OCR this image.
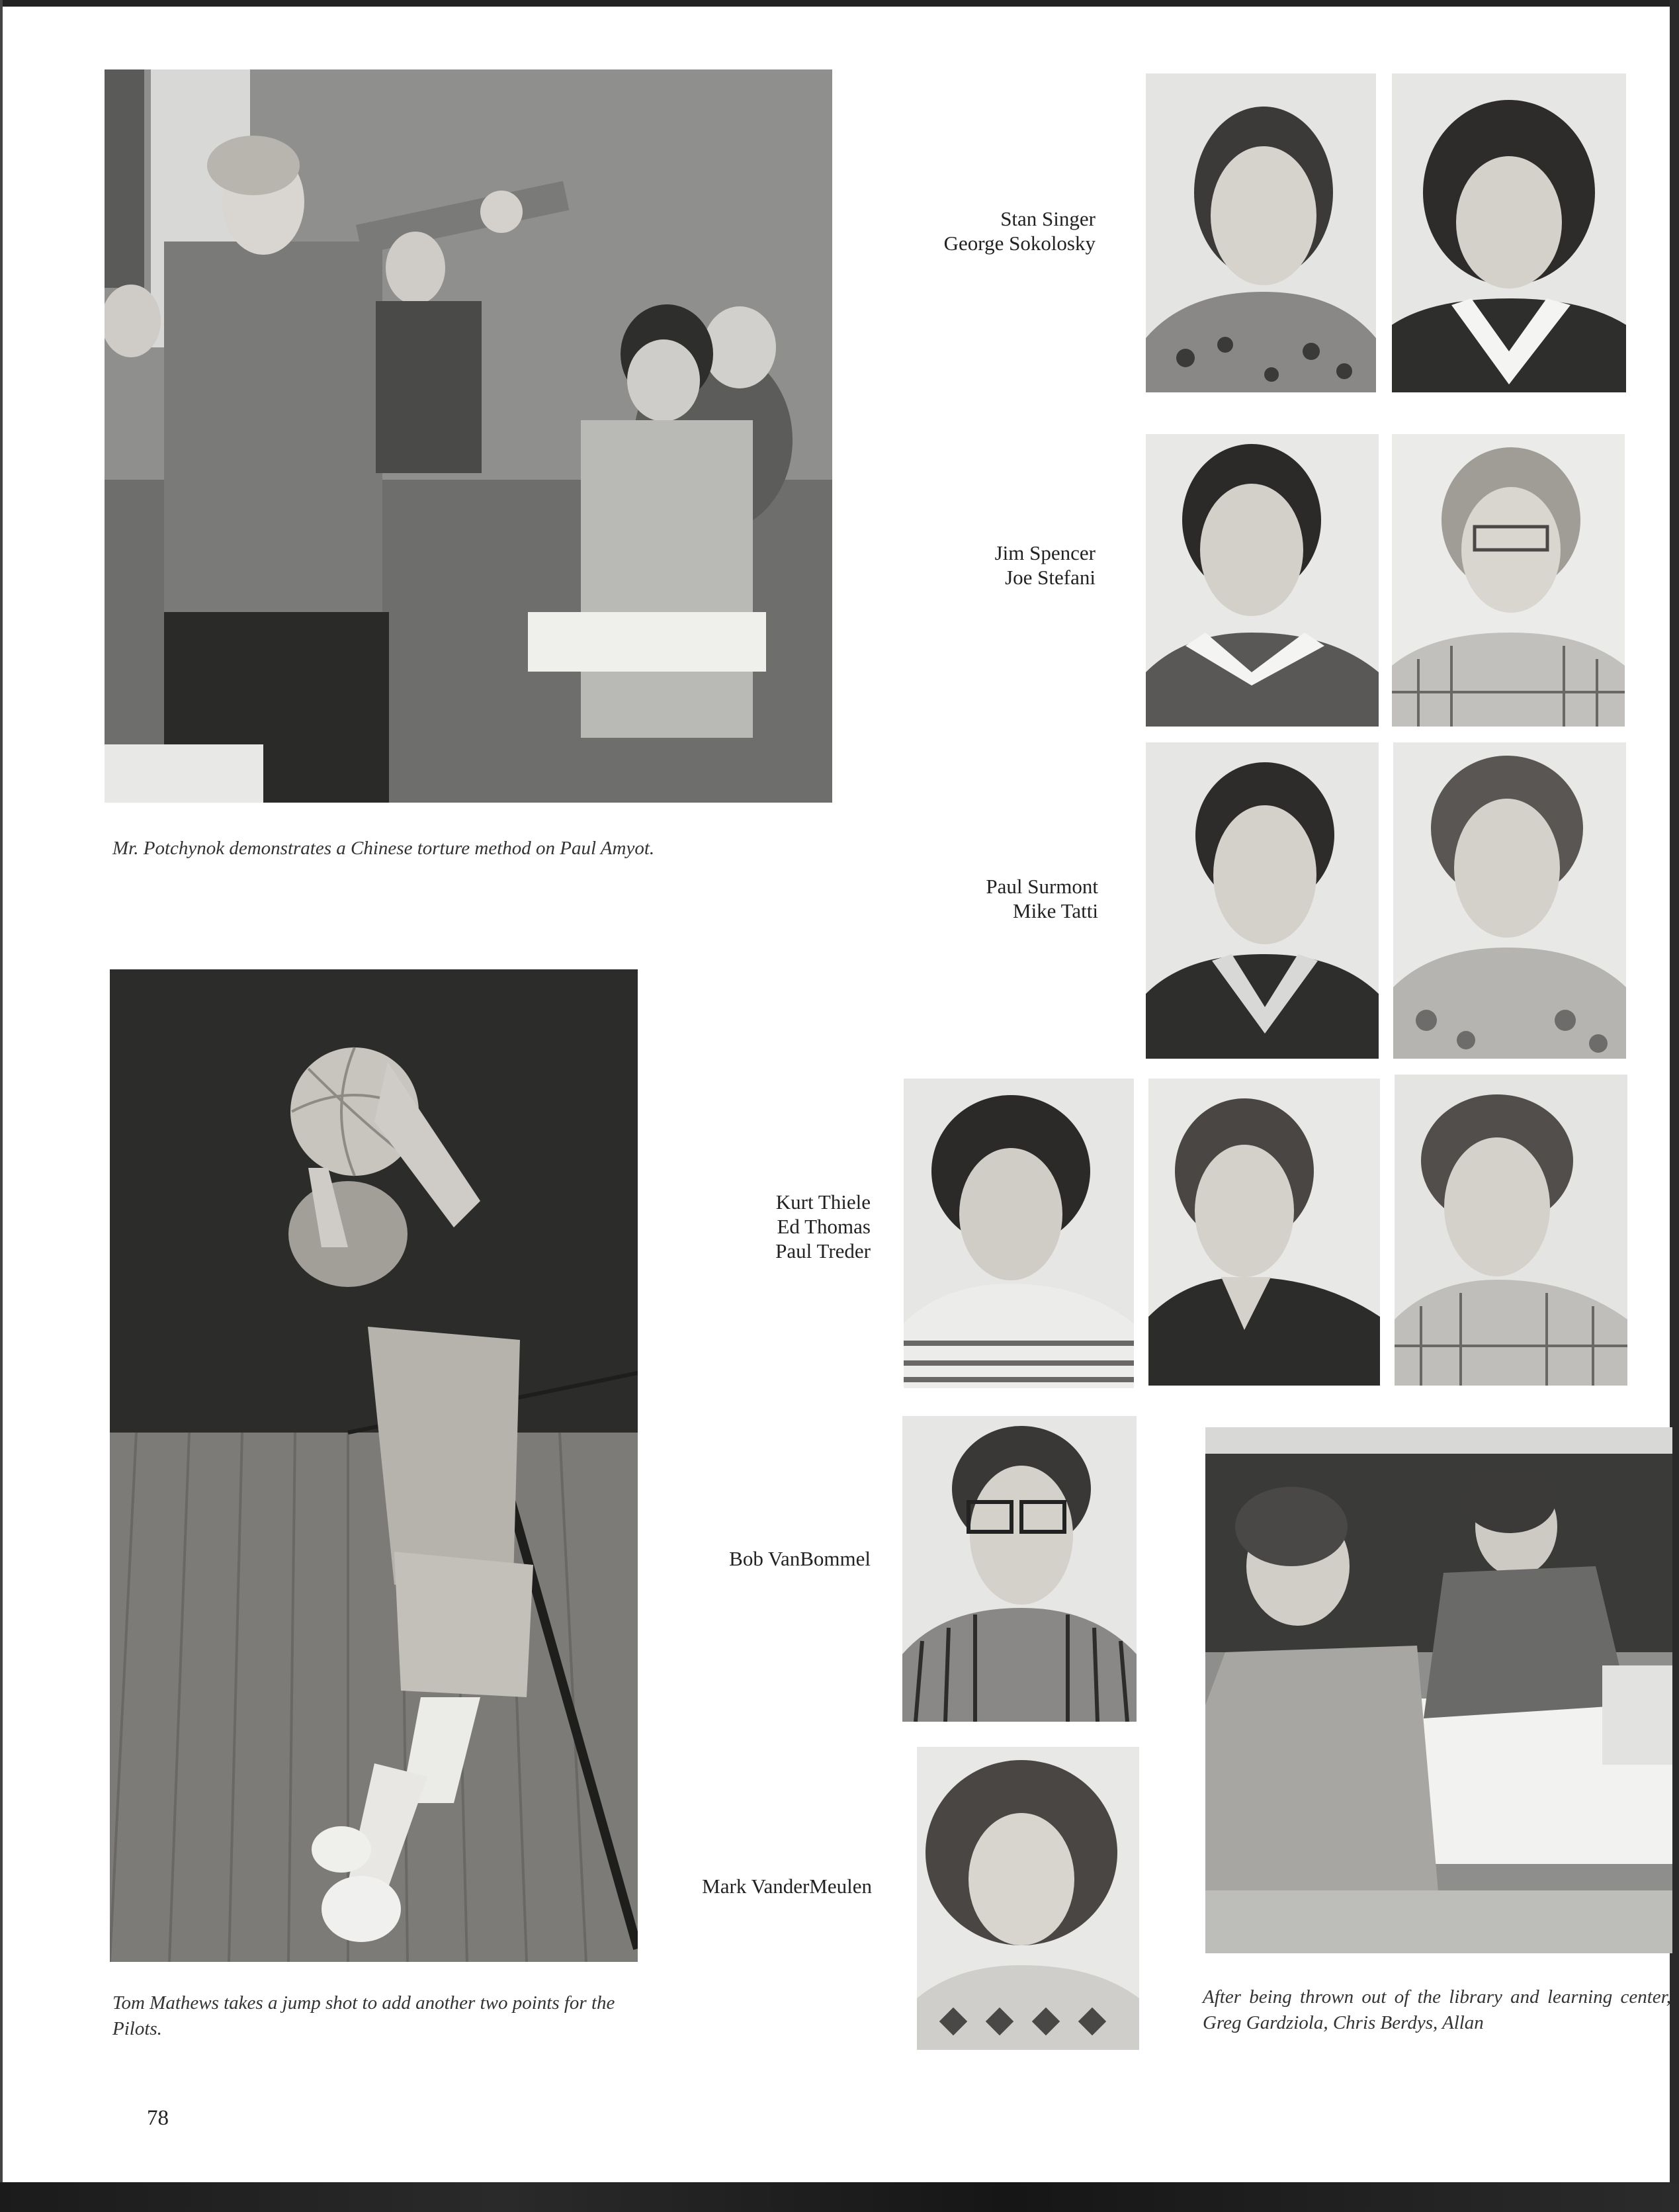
Mr. Potchynok demonstrates a Chinese torture method on Paul Amyot.
Tom Mathews takes a jump shot to add another two points for the Pilots.
After being thrown out of the library and learning center, Greg Gardziola, Chris Berdys, Allan
Stan Singer
George Sokolosky
Jim Spencer
Joe Stefani
Paul Surmont
Mike Tatti
Kurt Thiele
Ed Thomas
Paul Treder
Bob VanBommel
Mark VanderMeulen
78
